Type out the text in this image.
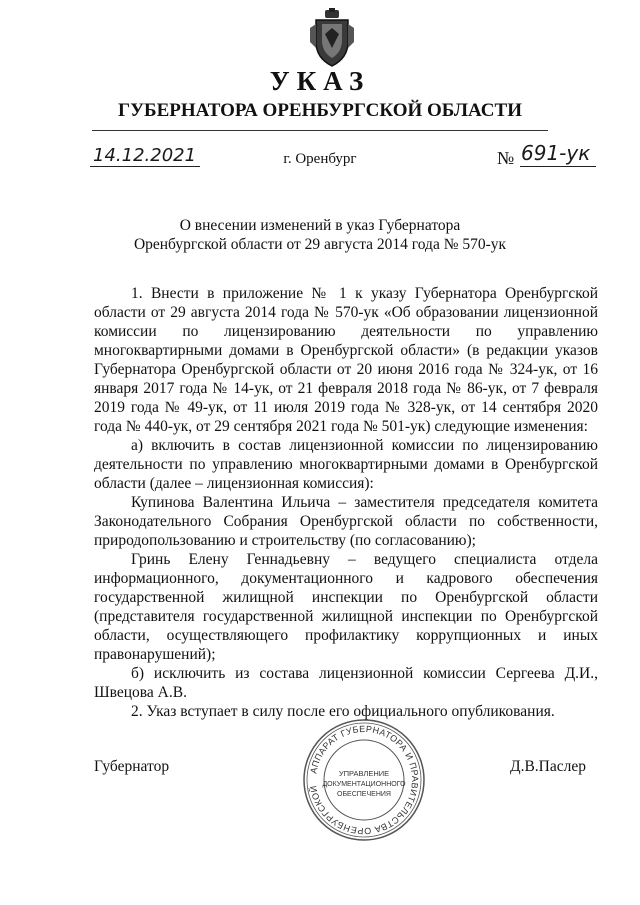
УКАЗ
ГУБЕРНАТОРА ОРЕНБУРГСКОЙ ОБЛАСТИ
14.12.2021	г. Оренбург	№ 691-ук
О внесении изменений в указ Губернатора
Оренбургской области от 29 августа 2014 года № 570-ук

1. Внести в приложение № 1 к указу Губернатора Оренбургской области от 29 августа 2014 года № 570-ук «Об образовании лицензионной комиссии по лицензированию деятельности по управлению многоквартирными домами в Оренбургской области» (в редакции указов Губернатора Оренбургской области от 20 июня 2016 года № 324-ук, от 16 января 2017 года № 14-ук, от 21 февраля 2018 года № 86-ук, от 7 февраля 2019 года № 49-ук, от 11 июля 2019 года № 328-ук, от 14 сентября 2020 года № 440-ук, от 29 сентября 2021 года № 501-ук) следующие изменения:

а) включить в состав лицензионной комиссии по лицензированию деятельности по управлению многоквартирными домами в Оренбургской области (далее – лицензионная комиссия):

Купинова Валентина Ильича – заместителя председателя комитета Законодательного Собрания Оренбургской области по собственности, природопользованию и строительству (по согласованию);

Гринь Елену Геннадьевну – ведущего специалиста отдела информационного, документационного и кадрового обеспечения государственной жилищной инспекции по Оренбургской области (представителя государственной жилищной инспекции по Оренбургской области, осуществляющего профилактику коррупционных и иных правонарушений);

б) исключить из состава лицензионной комиссии Сергеева Д.И., Швецова А.В.

2. Указ вступает в силу после его официального опубликования.

Губернатор	Д.В.Паслер
АППАРАТ ГУБЕРНАТОРА И ПРАВИТЕЛЬСТВА ОРЕНБУРГСКОЙ
УПРАВЛЕНИЕ
ДОКУМЕНТАЦИОННОГО
ОБЕСПЕЧЕНИЯ
